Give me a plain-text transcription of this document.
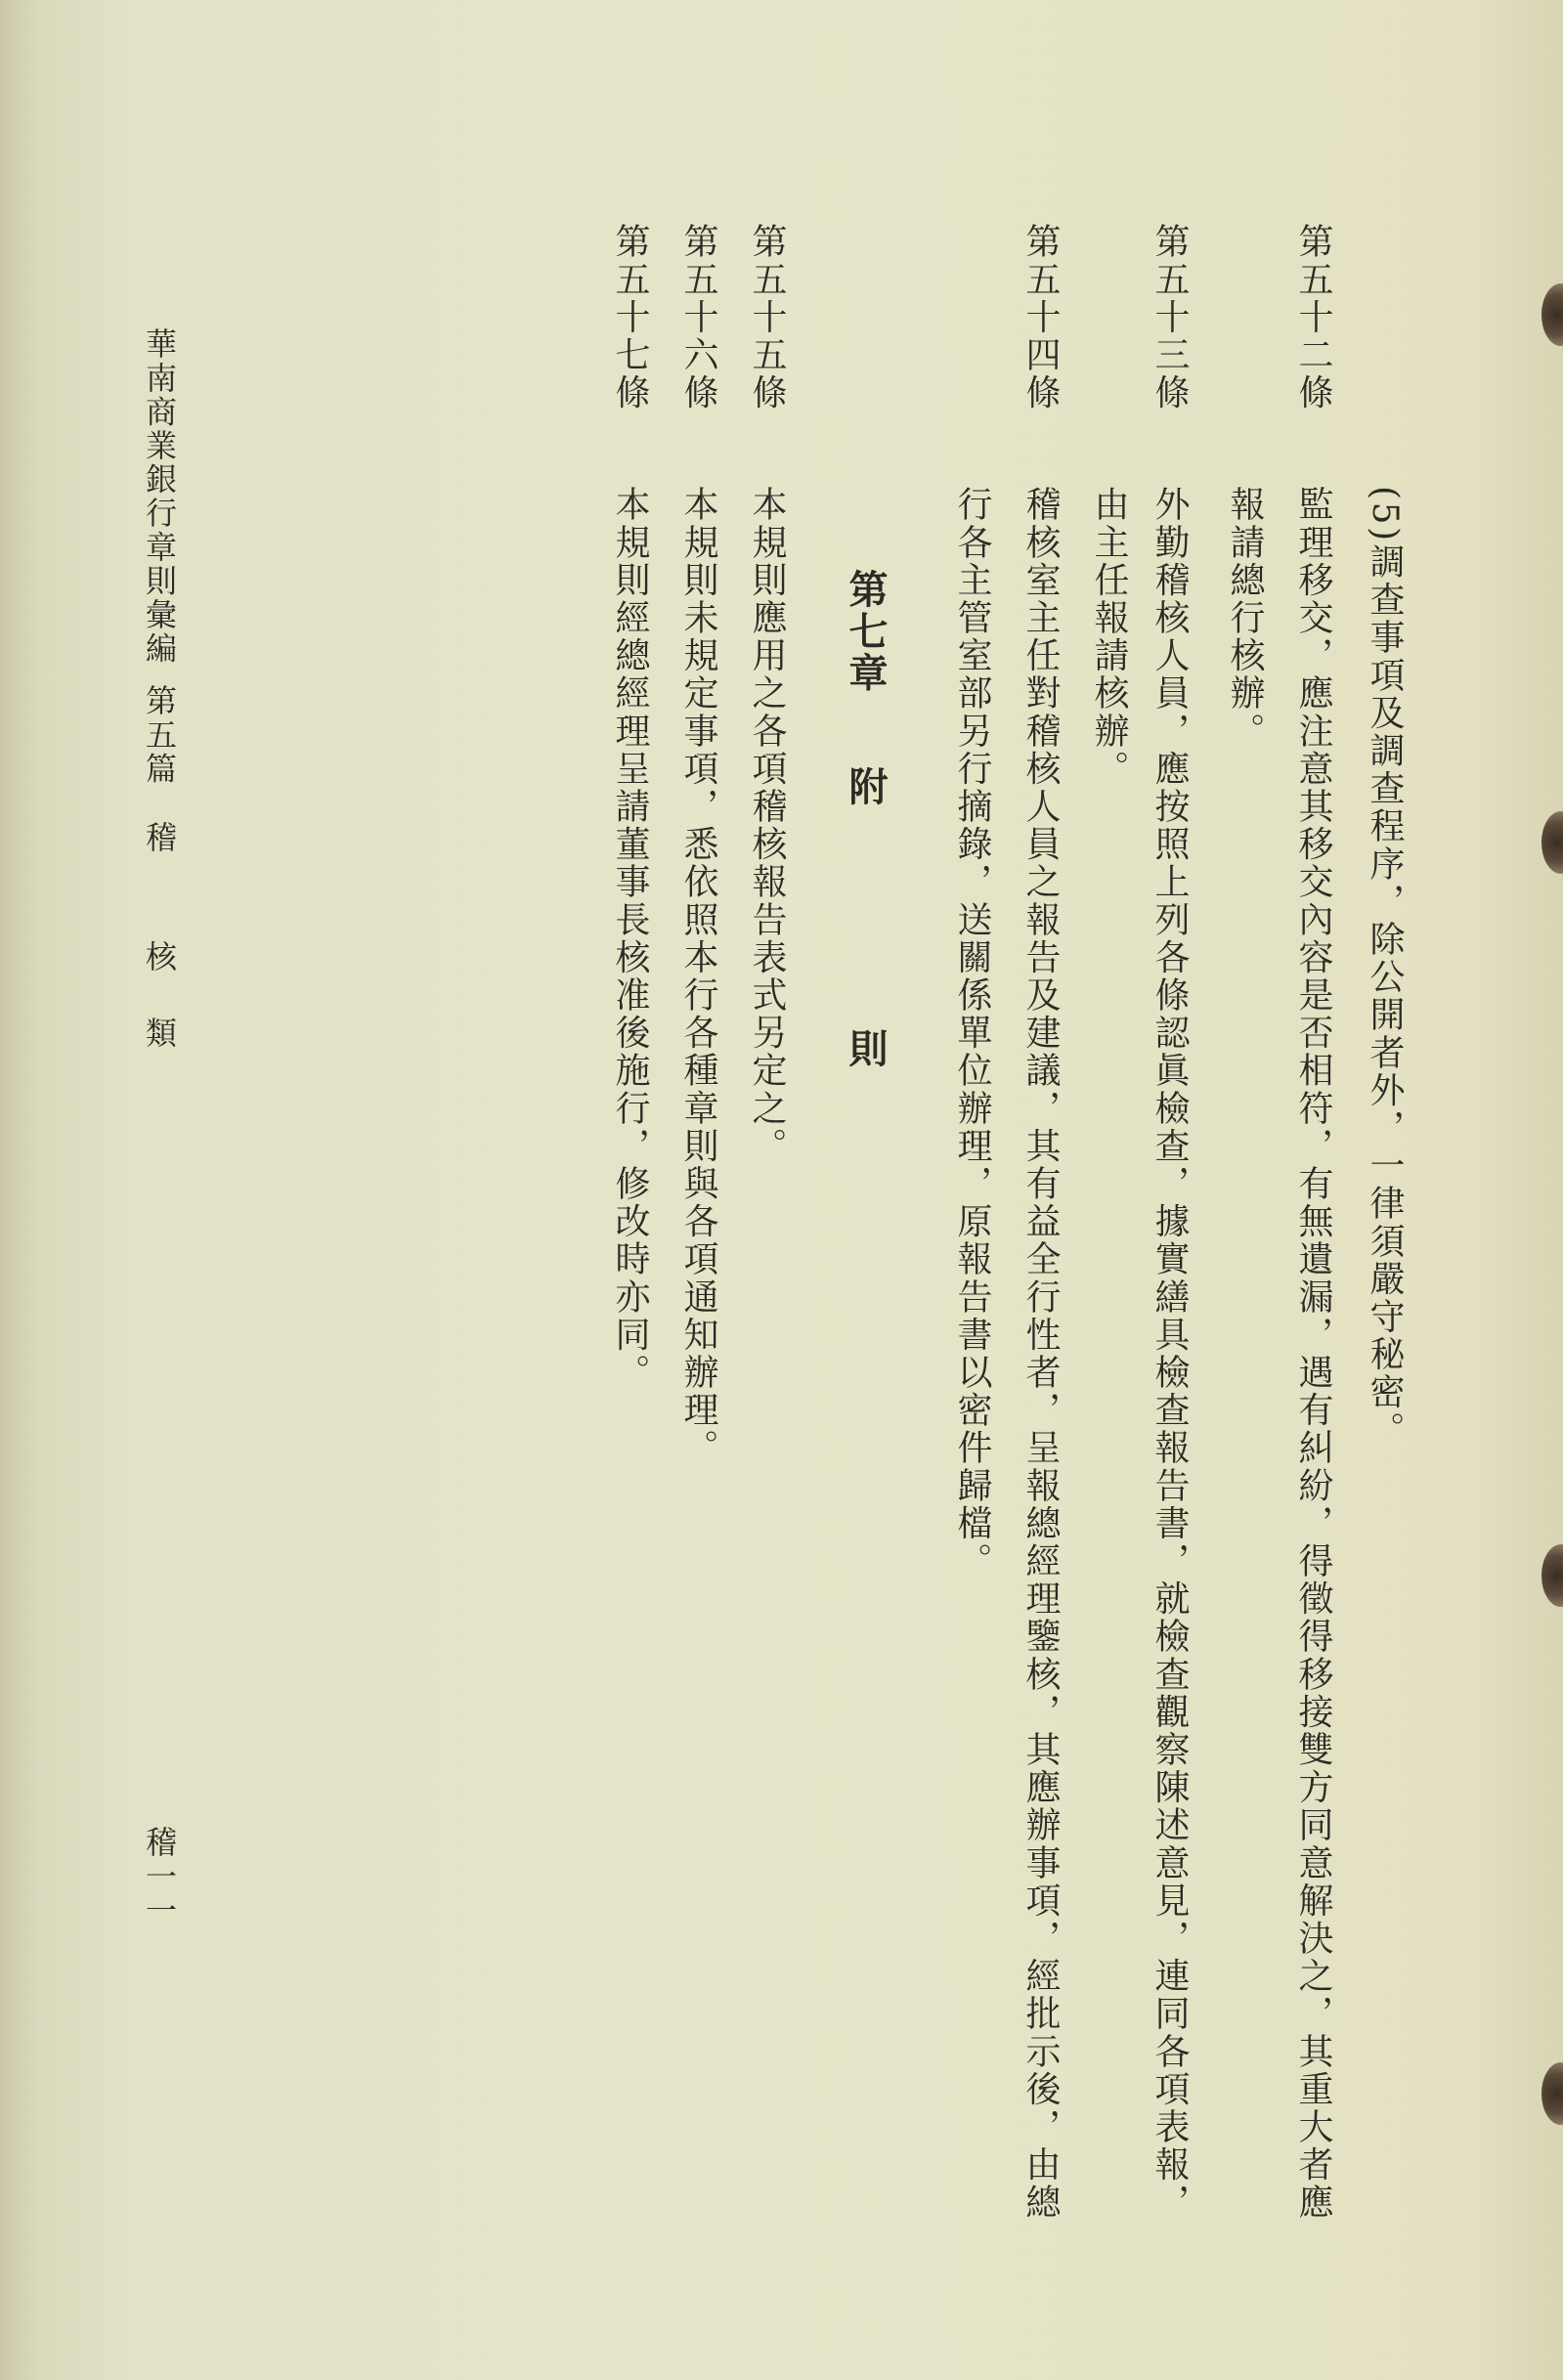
(5)調查事項及調查程序，除公開者外，一律須嚴守秘密。
第五十二條
監理移交，應注意其移交內容是否相符，有無遺漏，遇有糾紛，得徵得移接雙方同意解決之，其重大者應
報請總行核辦。
第五十三條
外勤稽核人員，應按照上列各條認眞檢查，據實繕具檢查報告書，就檢查觀察陳述意見，連同各項表報，
由主任報請核辦。
第五十四條
稽核室主任對稽核人員之報告及建議，其有益全行性者，呈報總經理鑒核，其應辦事項，經批示後，由總
行各主管室部另行摘錄，送關係單位辦理，原報告書以密件歸檔。
第七章
附
則
第五十五條
本規則應用之各項稽核報告表式另定之。
第五十六條
本規則未規定事項，悉依照本行各種章則與各項通知辦理。
第五十七條
本規則經總經理呈請董事長核准後施行，修改時亦同。
華南商業銀行章則彙編
第五篇
稽
核
類
稽一一
